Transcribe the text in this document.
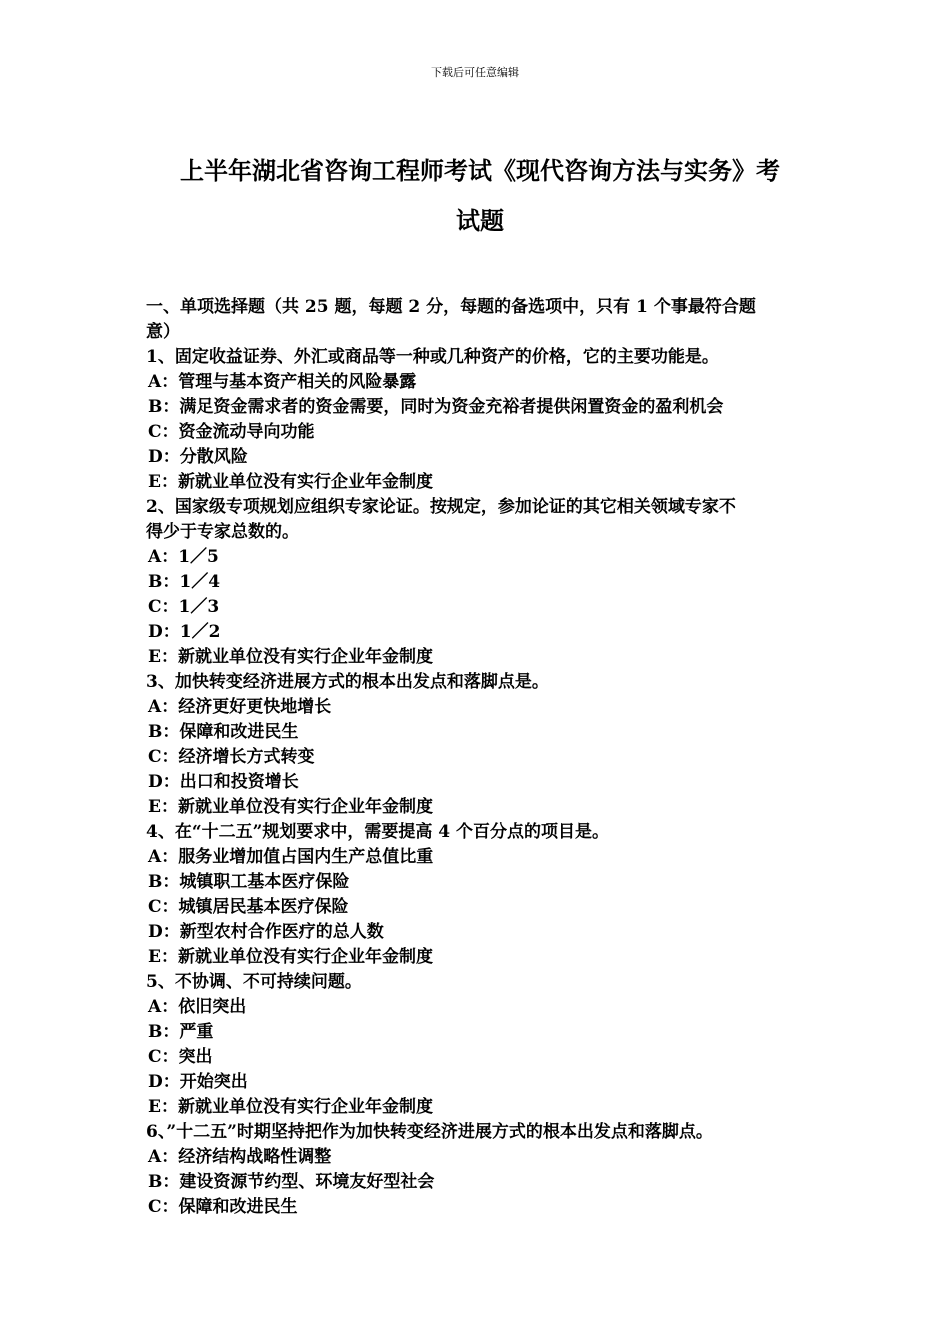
下载后可任意编辑
上半年湖北省咨询工程师考试《现代咨询方法与实务》考
试题
一、单项选择题（共 25 题，每题 2 分，每题的备选项中，只有 1 个事最符合题
意）
1、固定收益证券、外汇或商品等一种或几种资产的价格，它的主要功能是。
A：管理与基本资产相关的风险暴露
B：满足资金需求者的资金需要，同时为资金充裕者提供闲置资金的盈利机会
C：资金流动导向功能
D：分散风险
E：新就业单位没有实行企业年金制度
2、国家级专项规划应组织专家论证。按规定，参加论证的其它相关领域专家不
得少于专家总数的。
A：1／5
B：1／4
C：1／3
D：1／2
E：新就业单位没有实行企业年金制度
3、加快转变经济进展方式的根本出发点和落脚点是。
A：经济更好更快地增长
B：保障和改进民生
C：经济增长方式转变
D：出口和投资增长
E：新就业单位没有实行企业年金制度
4、在“十二五”规划要求中，需要提高 4 个百分点的项目是。
A：服务业增加值占国内生产总值比重
B：城镇职工基本医疗保险
C：城镇居民基本医疗保险
D：新型农村合作医疗的总人数
E：新就业单位没有实行企业年金制度
5、不协调、不可持续问题。
A：依旧突出
B：严重
C：突出
D：开始突出
E：新就业单位没有实行企业年金制度
6、”十二五”时期坚持把作为加快转变经济进展方式的根本出发点和落脚点。
A：经济结构战略性调整
B：建设资源节约型、环境友好型社会
C：保障和改进民生
